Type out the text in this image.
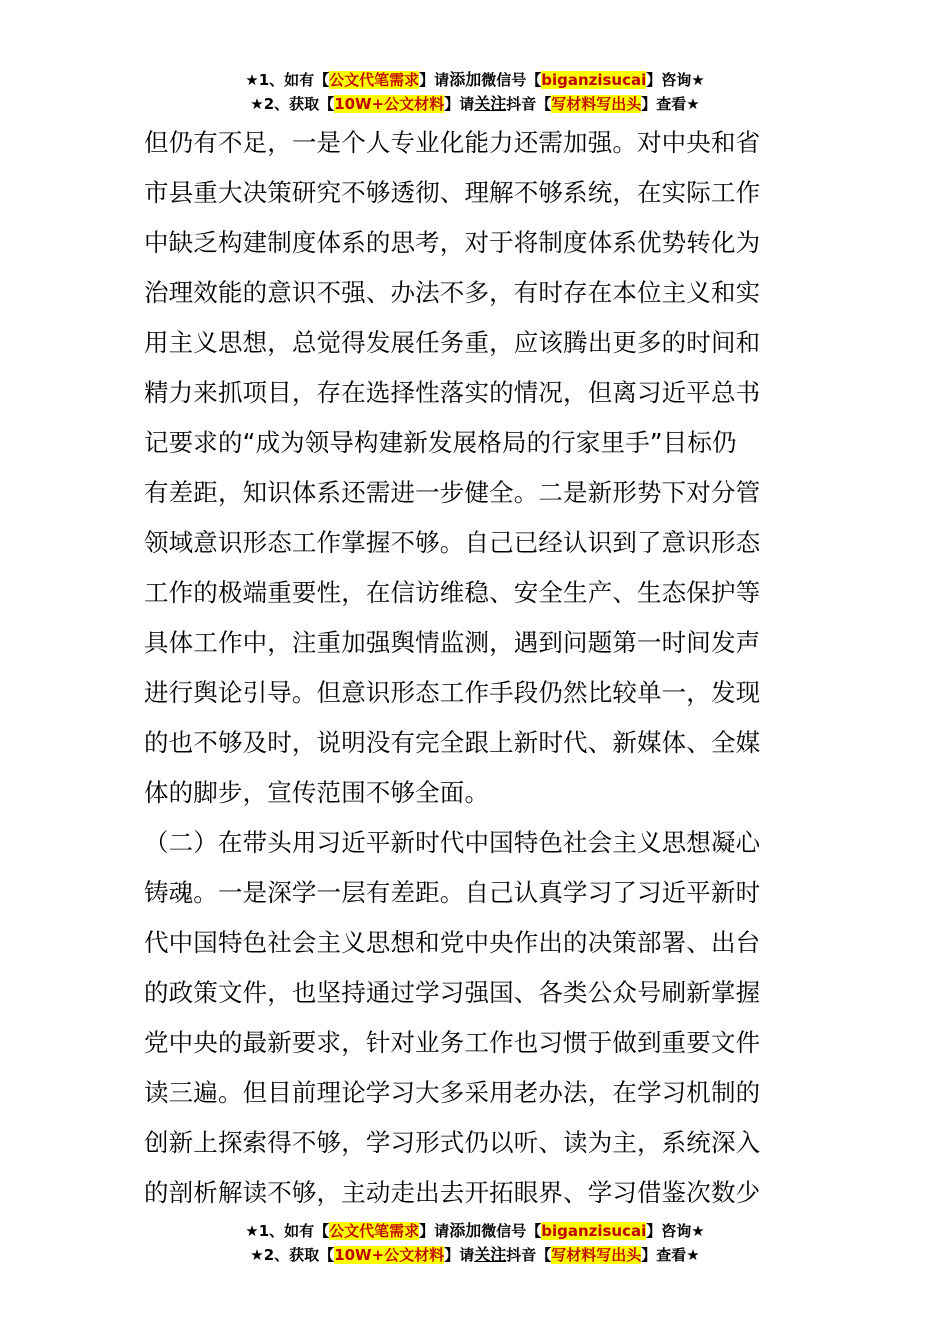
★1、如有【公文代笔需求】请添加微信号【biganzisucai】咨询★
★2、获取【10W+公文材料】请关注抖音【写材料写出头】查看★
但仍有不足，一是个人专业化能力还需加强。对中央和省
市县重大决策研究不够透彻、理解不够系统，在实际工作
中缺乏构建制度体系的思考，对于将制度体系优势转化为
治理效能的意识不强、办法不多，有时存在本位主义和实
用主义思想，总觉得发展任务重，应该腾出更多的时间和
精力来抓项目，存在选择性落实的情况，但离习近平总书
记要求的“成为领导构建新发展格局的行家里手”目标仍
有差距，知识体系还需进一步健全。二是新形势下对分管
领域意识形态工作掌握不够。自己已经认识到了意识形态
工作的极端重要性，在信访维稳、安全生产、生态保护等
具体工作中，注重加强舆情监测，遇到问题第一时间发声
进行舆论引导。但意识形态工作手段仍然比较单一，发现
的也不够及时，说明没有完全跟上新时代、新媒体、全媒
体的脚步，宣传范围不够全面。
（二）在带头用习近平新时代中国特色社会主义思想凝心
铸魂。一是深学一层有差距。自己认真学习了习近平新时
代中国特色社会主义思想和党中央作出的决策部署、出台
的政策文件，也坚持通过学习强国、各类公众号刷新掌握
党中央的最新要求，针对业务工作也习惯于做到重要文件
读三遍。但目前理论学习大多采用老办法，在学习机制的
创新上探索得不够，学习形式仍以听、读为主，系统深入
的剖析解读不够，主动走出去开拓眼界、学习借鉴次数少
★1、如有【公文代笔需求】请添加微信号【biganzisucai】咨询★
★2、获取【10W+公文材料】请关注抖音【写材料写出头】查看★
